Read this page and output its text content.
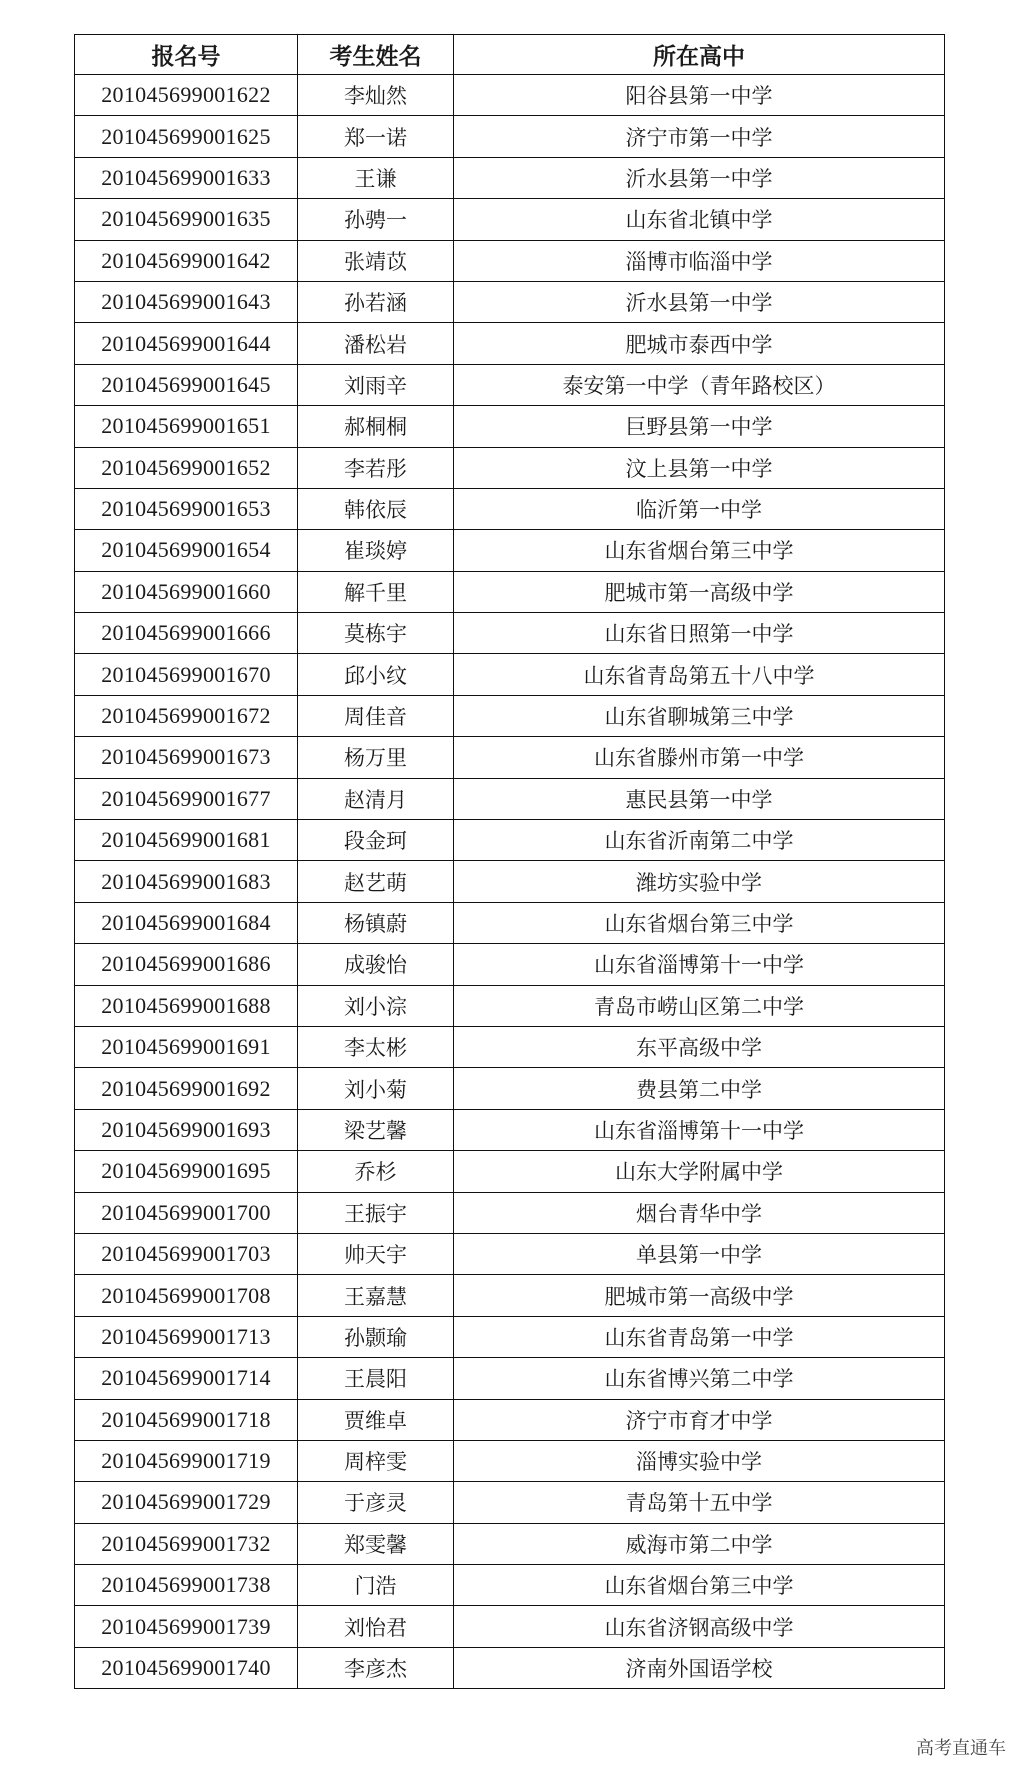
报名号	考生姓名	所在高中
201045699001622	李灿然	阳谷县第一中学
201045699001625	郑一诺	济宁市第一中学
201045699001633	王谦	沂水县第一中学
201045699001635	孙骋一	山东省北镇中学
201045699001642	张靖苡	淄博市临淄中学
201045699001643	孙若涵	沂水县第一中学
201045699001644	潘松岩	肥城市泰西中学
201045699001645	刘雨辛	泰安第一中学（青年路校区）
201045699001651	郝桐桐	巨野县第一中学
201045699001652	李若彤	汶上县第一中学
201045699001653	韩依辰	临沂第一中学
201045699001654	崔琰婷	山东省烟台第三中学
201045699001660	解千里	肥城市第一高级中学
201045699001666	莫栋宇	山东省日照第一中学
201045699001670	邱小纹	山东省青岛第五十八中学
201045699001672	周佳音	山东省聊城第三中学
201045699001673	杨万里	山东省滕州市第一中学
201045699001677	赵清月	惠民县第一中学
201045699001681	段金珂	山东省沂南第二中学
201045699001683	赵艺萌	潍坊实验中学
201045699001684	杨镇蔚	山东省烟台第三中学
201045699001686	成骏怡	山东省淄博第十一中学
201045699001688	刘小淙	青岛市崂山区第二中学
201045699001691	李太彬	东平高级中学
201045699001692	刘小菊	费县第二中学
201045699001693	梁艺馨	山东省淄博第十一中学
201045699001695	乔杉	山东大学附属中学
201045699001700	王振宇	烟台青华中学
201045699001703	帅天宇	单县第一中学
201045699001708	王嘉慧	肥城市第一高级中学
201045699001713	孙颢瑜	山东省青岛第一中学
201045699001714	王晨阳	山东省博兴第二中学
201045699001718	贾维卓	济宁市育才中学
201045699001719	周梓雯	淄博实验中学
201045699001729	于彦灵	青岛第十五中学
201045699001732	郑雯馨	威海市第二中学
201045699001738	门浩	山东省烟台第三中学
201045699001739	刘怡君	山东省济钢高级中学
201045699001740	李彦杰	济南外国语学校
高考直通车
